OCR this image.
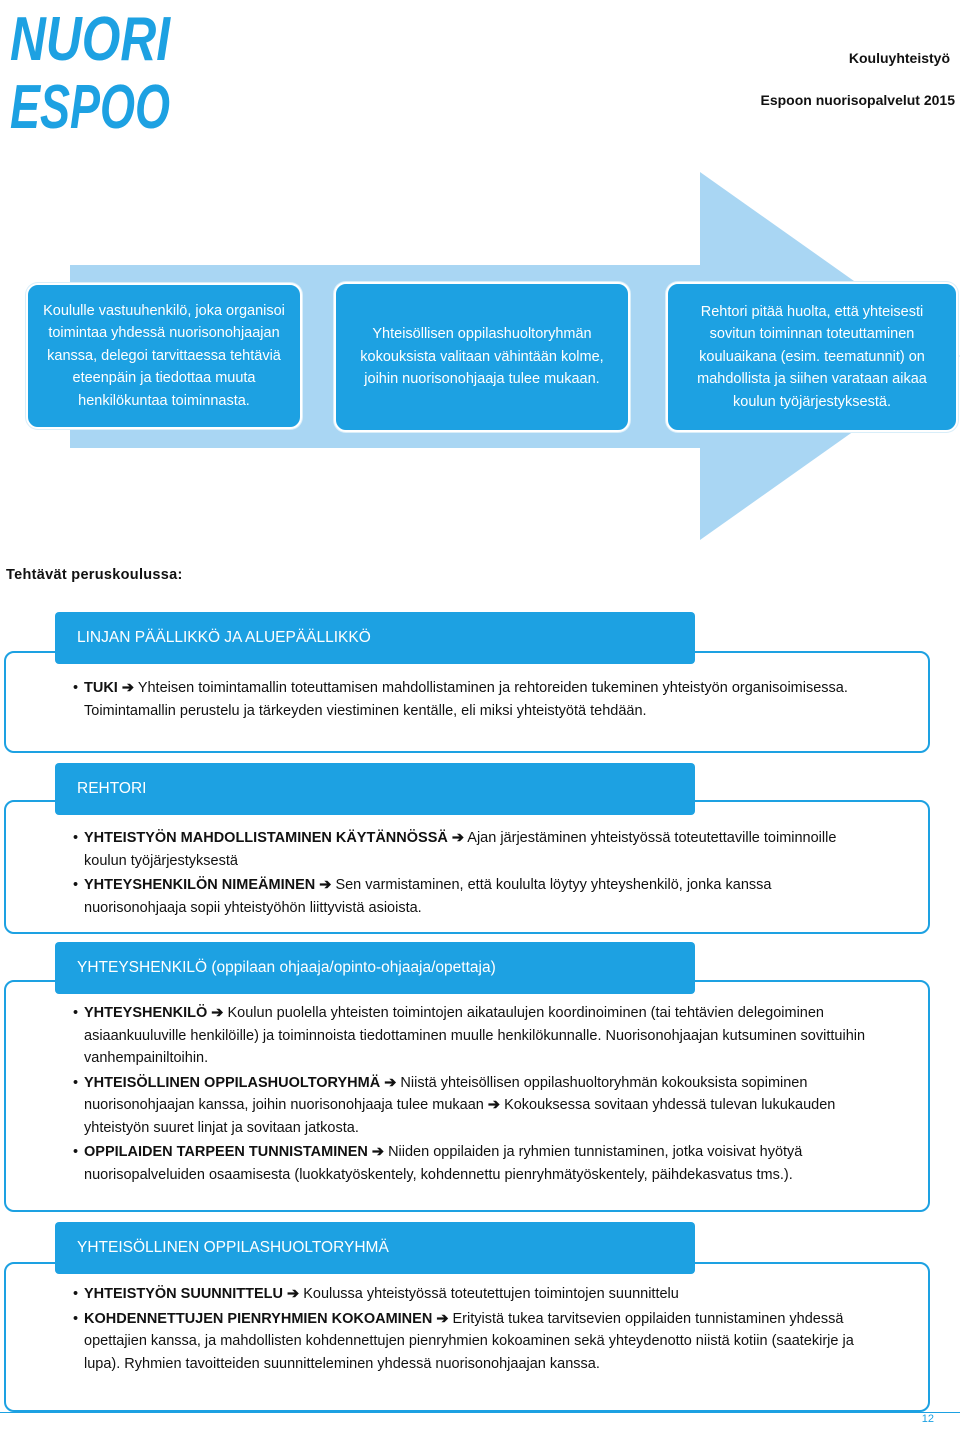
NUORI
ESPOO
Kouluyhteistyö
Espoon nuorisopalvelut 2015
Koululle vastuuhenkilö, joka organisoi toimintaa yhdessä nuorisonohjaajan kanssa, delegoi tarvittaessa tehtäviä eteenpäin ja tiedottaa muuta henkilökuntaa toiminnasta.
Yhteisöllisen oppilashuoltoryhmän kokouksista valitaan vähintään kolme, joihin nuorisonohjaaja tulee mukaan.
Rehtori pitää huolta, että yhteisesti sovitun toiminnan toteuttaminen kouluaikana (esim. teematunnit) on mahdollista ja siihen varataan aikaa koulun työjärjestyksestä.
Tehtävät peruskoulussa:
LINJAN PÄÄLLIKKÖ JA ALUEPÄÄLLIKKÖ
• TUKI ➔ Yhteisen toimintamallin toteuttamisen mahdollistaminen ja rehtoreiden tukeminen yhteistyön organisoimisessa. Toimintamallin perustelu ja tärkeyden viestiminen kentälle, eli miksi yhteistyötä tehdään.
REHTORI
• YHTEISTYÖN MAHDOLLISTAMINEN KÄYTÄNNÖSSÄ ➔ Ajan järjestäminen yhteistyössä toteutettaville toiminnoille koulun työjärjestyksestä
• YHTEYSHENKILÖN NIMEÄMINEN ➔ Sen varmistaminen, että koululta löytyy yhteyshenkilö, jonka kanssa nuorisonohjaaja sopii yhteistyöhön liittyvistä asioista.
YHTEYSHENKILÖ (oppilaan ohjaaja/opinto-ohjaaja/opettaja)
• YHTEYSHENKILÖ ➔ Koulun puolella yhteisten toimintojen aikataulujen koordinoiminen (tai tehtävien delegoiminen asiaankuuluville henkilöille) ja toiminnoista tiedottaminen muulle henkilökunnalle. Nuorisonohjaajan kutsuminen sovittuihin vanhempainiltoihin.
• YHTEISÖLLINEN OPPILASHUOLTORYHMÄ ➔ Niistä yhteisöllisen oppilashuoltoryhmän kokouksista sopiminen nuorisonohjaajan kanssa, joihin nuorisonohjaaja tulee mukaan ➔ Kokouksessa sovitaan yhdessä tulevan lukukauden yhteistyön suuret linjat ja sovitaan jatkosta.
• OPPILAIDEN TARPEEN TUNNISTAMINEN ➔ Niiden oppilaiden ja ryhmien tunnistaminen, jotka voisivat hyötyä nuorisopalveluiden osaamisesta (luokkatyöskentely, kohdennettu pienryhmätyöskentely, päihdekasvatus tms.).
YHTEISÖLLINEN OPPILASHUOLTORYHMÄ
• YHTEISTYÖN SUUNNITTELU ➔ Koulussa yhteistyössä toteutettujen toimintojen suunnittelu
• KOHDENNETTUJEN PIENRYHMIEN KOKOAMINEN ➔ Erityistä tukea tarvitsevien oppilaiden tunnistaminen yhdessä opettajien kanssa, ja mahdollisten kohdennettujen pienryhmien kokoaminen sekä yhteydenotto niistä kotiin (saatekirje ja lupa). Ryhmien tavoitteiden suunnitteleminen yhdessä nuorisonohjaajan kanssa.
12
